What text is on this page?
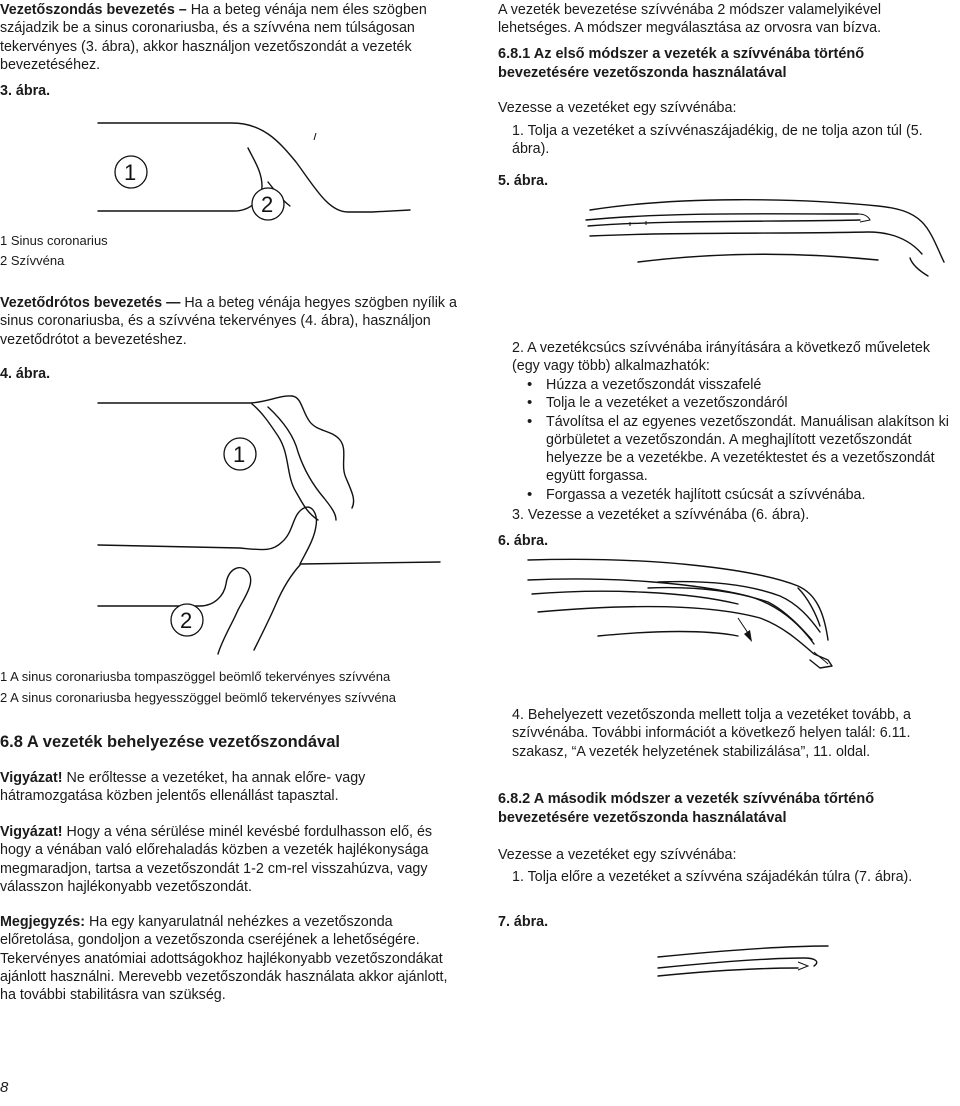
Vezetőszondás bevezetés – Ha a beteg vénája nem éles szögben szájadzik be a sinus coronariusba, és a szívvéna nem túlságosan tekervényes (3. ábra), akkor használjon vezetőszondát a vezeték bevezetéséhez.

3. ábra.
1
2
1 Sinus coronarius
2 Szívvéna

Vezetődrótos bevezetés — Ha a beteg vénája hegyes szögben nyílik a sinus coronariusba, és a szívvéna tekervényes (4. ábra), használjon vezetődrótot a bevezetéshez.

4. ábra.
1
2
1 A sinus coronariusba tompaszöggel beömlő tekervényes szívvéna
2 A sinus coronariusba hegyesszöggel beömlő tekervényes szívvéna
6.8 A vezeték behelyezése vezetőszondával

Vigyázat! Ne erőltesse a vezetéket, ha annak előre- vagy hátramozgatása közben jelentős ellenállást tapasztal.

Vigyázat! Hogy a véna sérülése minél kevésbé fordulhasson elő, és hogy a vénában való előrehaladás közben a vezeték hajlékonysága megmaradjon, tartsa a vezetőszondát 1-2 cm-rel visszahúzva, vagy válasszon hajlékonyabb vezetőszondát.

Megjegyzés: Ha egy kanyarulatnál nehézkes a vezetőszonda előretolása, gondoljon a vezetőszonda cseréjének a lehetőségére. Tekervényes anatómiai adottságokhoz hajlékonyabb vezetőszondákat ajánlott használni. Merevebb vezetőszondák használata akkor ajánlott, ha további stabilitásra van szükség.

8

A vezeték bevezetése szívvénába 2 módszer valamelyikével lehetséges. A módszer megválasztása az orvosra van bízva.

6.8.1 Az első módszer a vezeték a szívvénába történő bevezetésére vezetőszonda használatával
Vezesse a vezetéket egy szívvénába:
1. Tolja a vezetéket a szívvénaszájadékig, de ne tolja azon túl (5. ábra).
5. ábra.
2. A vezetékcsúcs szívvénába irányítására a következő műveletek (egy vagy több) alkalmazhatók:
• Húzza a vezetőszondát visszafelé
• Tolja le a vezetéket a vezetőszondáról
• Távolítsa el az egyenes vezetőszondát. Manuálisan alakítson ki görbületet a vezetőszondán. A meghajlított vezetőszondát helyezze be a vezetékbe. A vezetéktestet és a vezetőszondát együtt forgassa.
• Forgassa a vezeték hajlított csúcsát a szívvénába.
3. Vezesse a vezetéket a szívvénába (6. ábra).
6. ábra.
4. Behelyezett vezetőszonda mellett tolja a vezetéket tovább, a szívvénába. További információt a következő helyen talál: 6.11. szakasz, “A vezeték helyzetének stabilizálása”, 11. oldal.
6.8.2 A második módszer a vezeték szívvénába tőrténő bevezetésére vezetőszonda használatával
Vezesse a vezetéket egy szívvénába:
1. Tolja előre a vezetéket a szívvéna szájadékán túlra (7. ábra).
7. ábra.
